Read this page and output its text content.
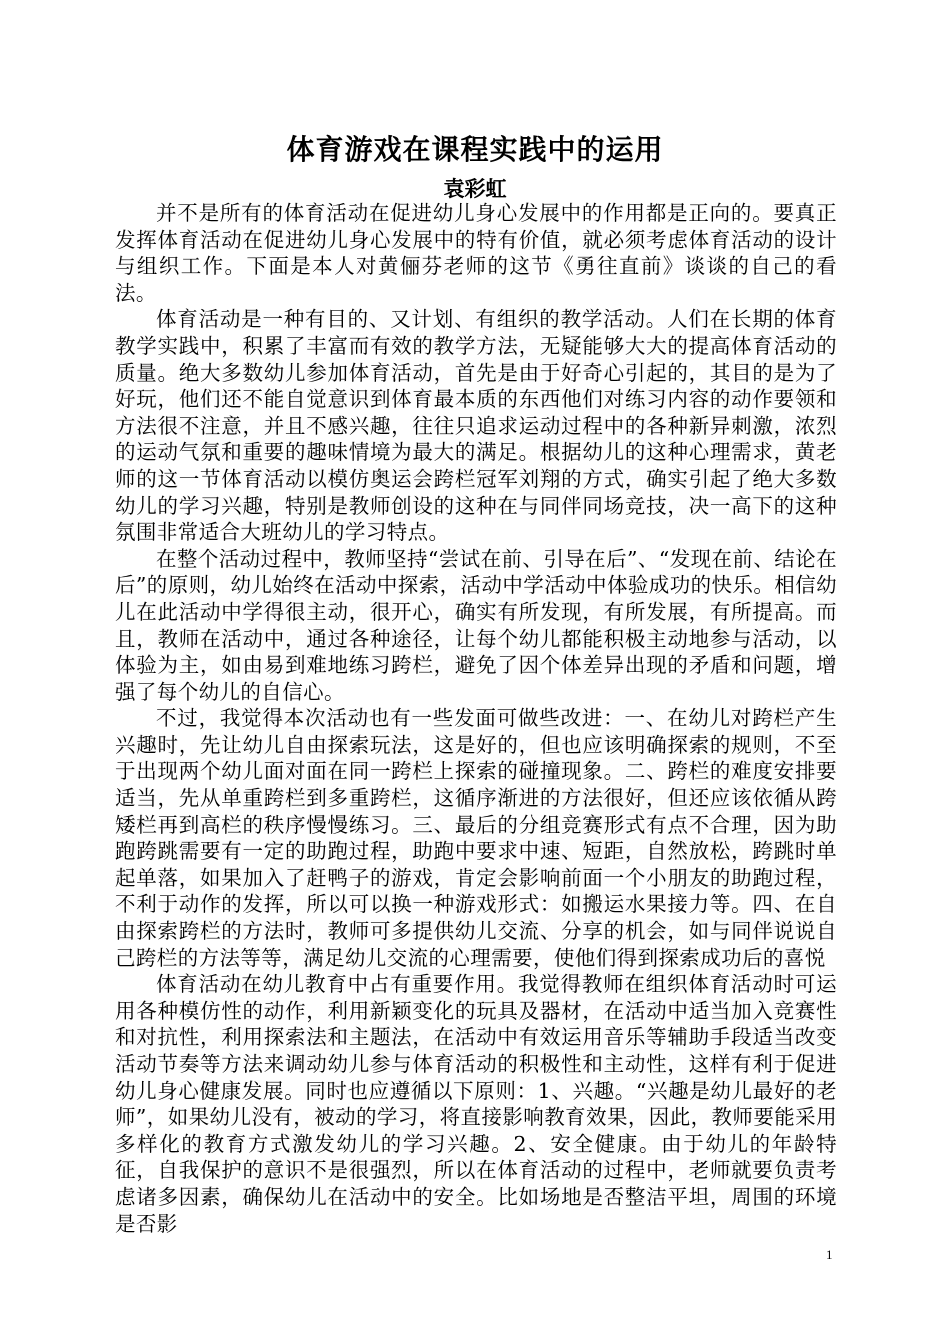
体育游戏在课程实践中的运用
袁彩虹

并不是所有的体育活动在促进幼儿身心发展中的作用都是正向的。要真正发挥体育活动在促进幼儿身心发展中的特有价值，就必须考虑体育活动的设计与组织工作。下面是本人对黄俪芬老师的这节《勇往直前》谈谈的自己的看法。

体育活动是一种有目的、又计划、有组织的教学活动。人们在长期的体育教学实践中，积累了丰富而有效的教学方法，无疑能够大大的提高体育活动的质量。绝大多数幼儿参加体育活动，首先是由于好奇心引起的，其目的是为了好玩，他们还不能自觉意识到体育最本质的东西他们对练习内容的动作要领和方法很不注意，并且不感兴趣，往往只追求运动过程中的各种新异刺激，浓烈的运动气氛和重要的趣味情境为最大的满足。根据幼儿的这种心理需求，黄老师的这一节体育活动以模仿奥运会跨栏冠军刘翔的方式，确实引起了绝大多数幼儿的学习兴趣，特别是教师创设的这种在与同伴同场竞技，决一高下的这种氛围非常适合大班幼儿的学习特点。

在整个活动过程中，教师坚持“尝试在前、引导在后”、“发现在前、结论在后”的原则，幼儿始终在活动中探索，活动中学活动中体验成功的快乐。相信幼儿在此活动中学得很主动，很开心，确实有所发现，有所发展，有所提高。而且，教师在活动中，通过各种途径，让每个幼儿都能积极主动地参与活动，以体验为主，如由易到难地练习跨栏，避免了因个体差异出现的矛盾和问题，增强了每个幼儿的自信心。

不过，我觉得本次活动也有一些发面可做些改进：一、在幼儿对跨栏产生兴趣时，先让幼儿自由探索玩法，这是好的，但也应该明确探索的规则，不至于出现两个幼儿面对面在同一跨栏上探索的碰撞现象。二、跨栏的难度安排要适当，先从单重跨栏到多重跨栏，这循序渐进的方法很好，但还应该依循从跨矮栏再到高栏的秩序慢慢练习。三、最后的分组竞赛形式有点不合理，因为助跑跨跳需要有一定的助跑过程，助跑中要求中速、短距，自然放松，跨跳时单起单落，如果加入了赶鸭子的游戏，肯定会影响前面一个小朋友的助跑过程，不利于动作的发挥，所以可以换一种游戏形式：如搬运水果接力等。四、在自由探索跨栏的方法时，教师可多提供幼儿交流、分享的机会，如与同伴说说自己跨栏的方法等等，满足幼儿交流的心理需要，使他们得到探索成功后的喜悦

体育活动在幼儿教育中占有重要作用。我觉得教师在组织体育活动时可运用各种模仿性的动作，利用新颖变化的玩具及器材，在活动中适当加入竞赛性和对抗性，利用探索法和主题法，在活动中有效运用音乐等辅助手段适当改变活动节奏等方法来调动幼儿参与体育活动的积极性和主动性，这样有利于促进幼儿身心健康发展。同时也应遵循以下原则：1、兴趣。“兴趣是幼儿最好的老师”，如果幼儿没有，被动的学习，将直接影响教育效果，因此，教师要能采用多样化的教育方式激发幼儿的学习兴趣。2、安全健康。由于幼儿的年龄特征，自我保护的意识不是很强烈，所以在体育活动的过程中，老师就要负责考虑诸多因素，确保幼儿在活动中的安全。比如场地是否整洁平坦，周围的环境是否影

1
